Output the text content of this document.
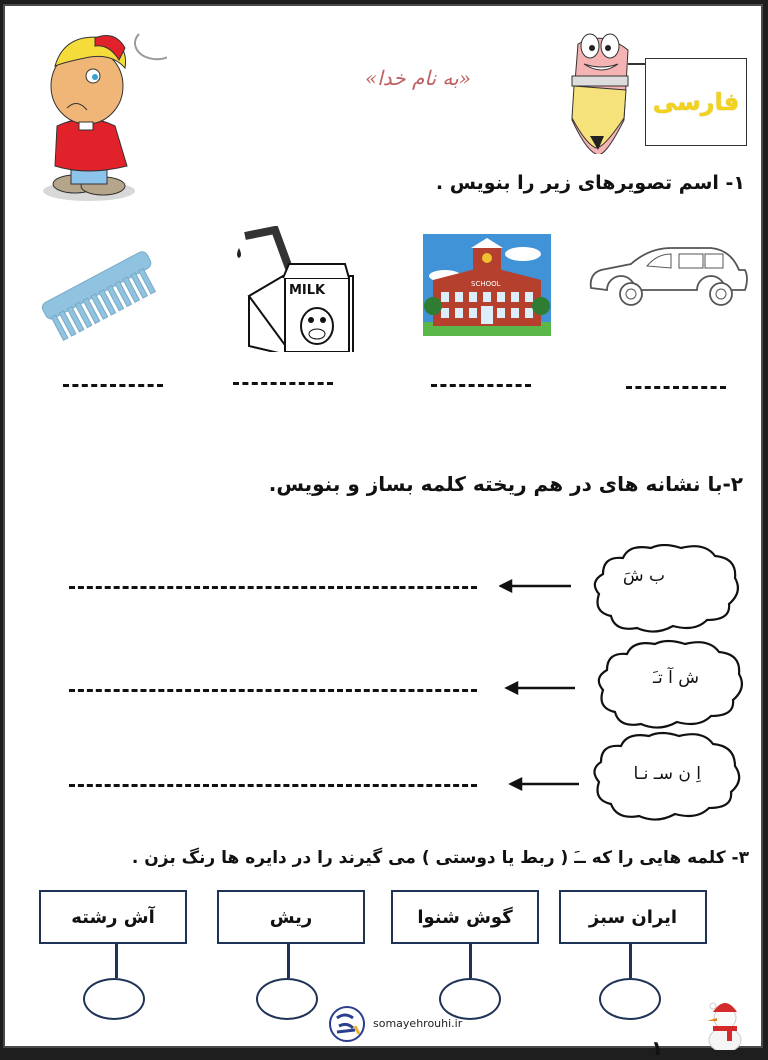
«به نام خدا»
فارسی
۱- اسم تصویرهای زیر را بنویس .
MILK	SCHOOL
۲-با نشانه های در هم ریخته کلمه بساز و بنویس.
ب شَ
ش آ تـَ
اِ ن سـ نـا
۳- کلمه هایی را که ــَ ( ربط یا دوستی ) می گیرند را در دایره ها رنگ بزن .
ایران سبز
گوش شنوا
ریش
آش رشته
somayehrouhi.ir
۱
